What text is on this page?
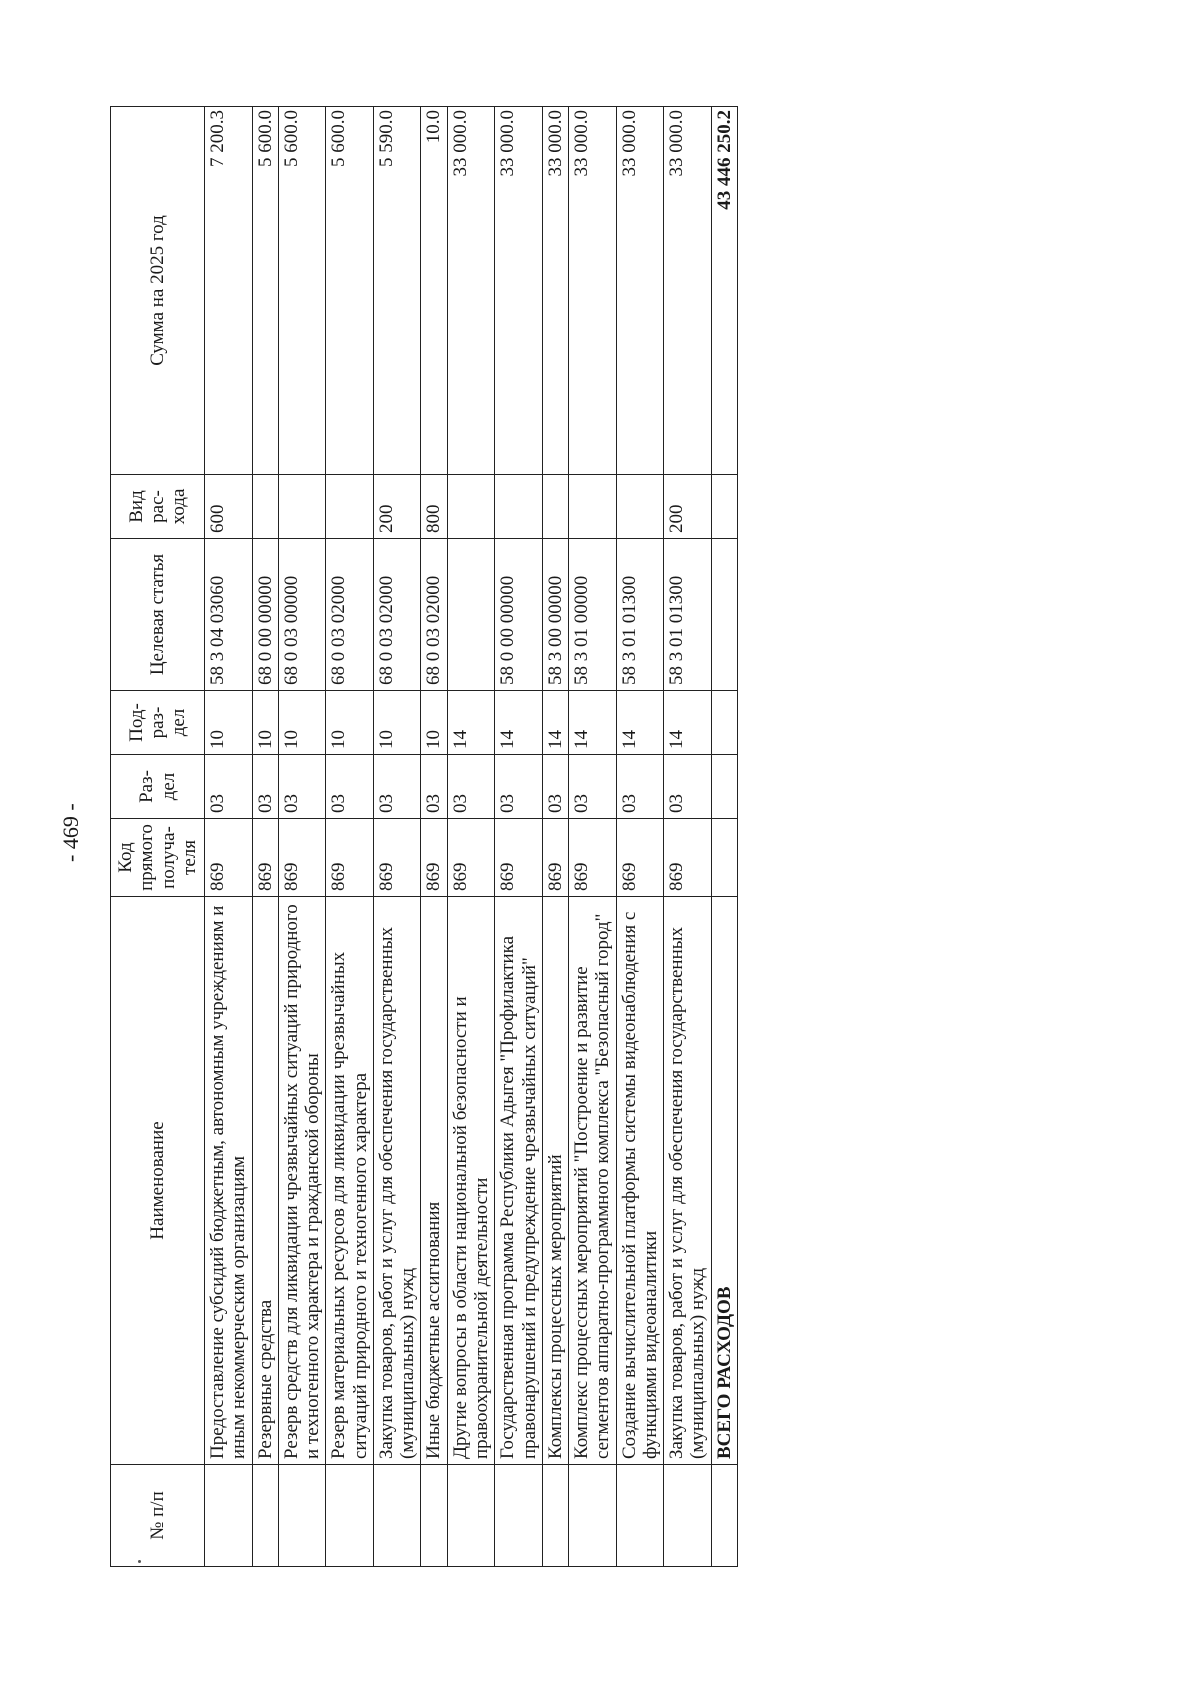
- 469 -
№ п/п	Наименование	Код прямого получа-теля	Раз-дел	Под-раз-дел	Целевая статья	Вид рас-хода	Сумма на 2025 год
	Предоставление субсидий бюджетным, автономным учреждениям и иным некоммерческим организациям	869	03	10	58 3 04 03060	600	7 200.3
	Резервные средства	869	03	10	68 0 00 00000		5 600.0
	Резерв средств для ликвидации чрезвычайных ситуаций природного и техногенного характера и гражданской обороны	869	03	10	68 0 03 00000		5 600.0
	Резерв материальных ресурсов для ликвидации чрезвычайных ситуаций природного и техногенного характера	869	03	10	68 0 03 02000		5 600.0
	Закупка товаров, работ и услуг для обеспечения государственных (муниципальных) нужд	869	03	10	68 0 03 02000	200	5 590.0
	Иные бюджетные ассигнования	869	03	10	68 0 03 02000	800	10.0
	Другие вопросы в области национальной безопасности и правоохранительной деятельности	869	03	14			33 000.0
	Государственная программа Республики Адыгея "Профилактика правонарушений и предупреждение чрезвычайных ситуаций"	869	03	14	58 0 00 00000		33 000.0
	Комплексы процессных мероприятий	869	03	14	58 3 00 00000		33 000.0
	Комплекс процессных мероприятий "Построение и развитие сегментов аппаратно-программного комплекса "Безопасный город"	869	03	14	58 3 01 00000		33 000.0
	Создание вычислительной платформы системы видеонаблюдения с функциями видеоаналитики	869	03	14	58 3 01 01300		33 000.0
	Закупка товаров, работ и услуг для обеспечения государственных (муниципальных) нужд	869	03	14	58 3 01 01300	200	33 000.0
	ВСЕГО РАСХОДОВ						43 446 250.2
